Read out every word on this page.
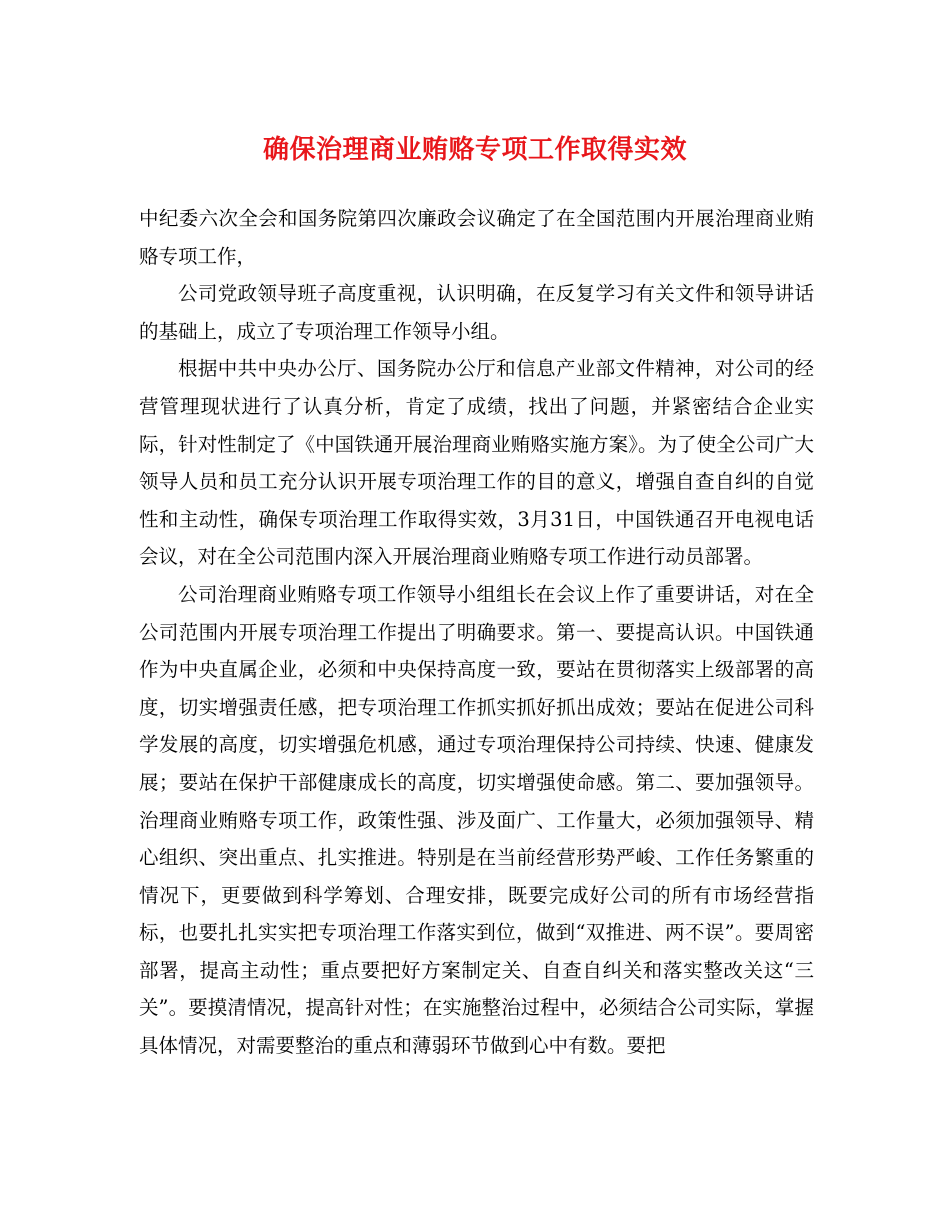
确保治理商业贿赂专项工作取得实效

中纪委六次全会和国务院第四次廉政会议确定了在全国范围内开展治理商业贿赂专项工作，

公司党政领导班子高度重视，认识明确，在反复学习有关文件和领导讲话的基础上，成立了专项治理工作领导小组。

根据中共中央办公厅、国务院办公厅和信息产业部文件精神，对公司的经营管理现状进行了认真分析，肯定了成绩，找出了问题，并紧密结合企业实际，针对性制定了《中国铁通开展治理商业贿赂实施方案》。为了使全公司广大领导人员和员工充分认识开展专项治理工作的目的意义，增强自查自纠的自觉性和主动性，确保专项治理工作取得实效，3月31日，中国铁通召开电视电话会议，对在全公司范围内深入开展治理商业贿赂专项工作进行动员部署。

公司治理商业贿赂专项工作领导小组组长在会议上作了重要讲话，对在全公司范围内开展专项治理工作提出了明确要求。第一、要提高认识。中国铁通作为中央直属企业，必须和中央保持高度一致，要站在贯彻落实上级部署的高度，切实增强责任感，把专项治理工作抓实抓好抓出成效；要站在促进公司科学发展的高度，切实增强危机感，通过专项治理保持公司持续、快速、健康发展；要站在保护干部健康成长的高度，切实增强使命感。第二、要加强领导。治理商业贿赂专项工作，政策性强、涉及面广、工作量大，必须加强领导、精心组织、突出重点、扎实推进。特别是在当前经营形势严峻、工作任务繁重的情况下，更要做到科学筹划、合理安排，既要完成好公司的所有市场经营指标，也要扎扎实实把专项治理工作落实到位，做到“双推进、两不误”。要周密部署，提高主动性；重点要把好方案制定关、自查自纠关和落实整改关这“三关”。要摸清情况，提高针对性；在实施整治过程中，必须结合公司实际，掌握具体情况，对需要整治的重点和薄弱环节做到心中有数。要把
